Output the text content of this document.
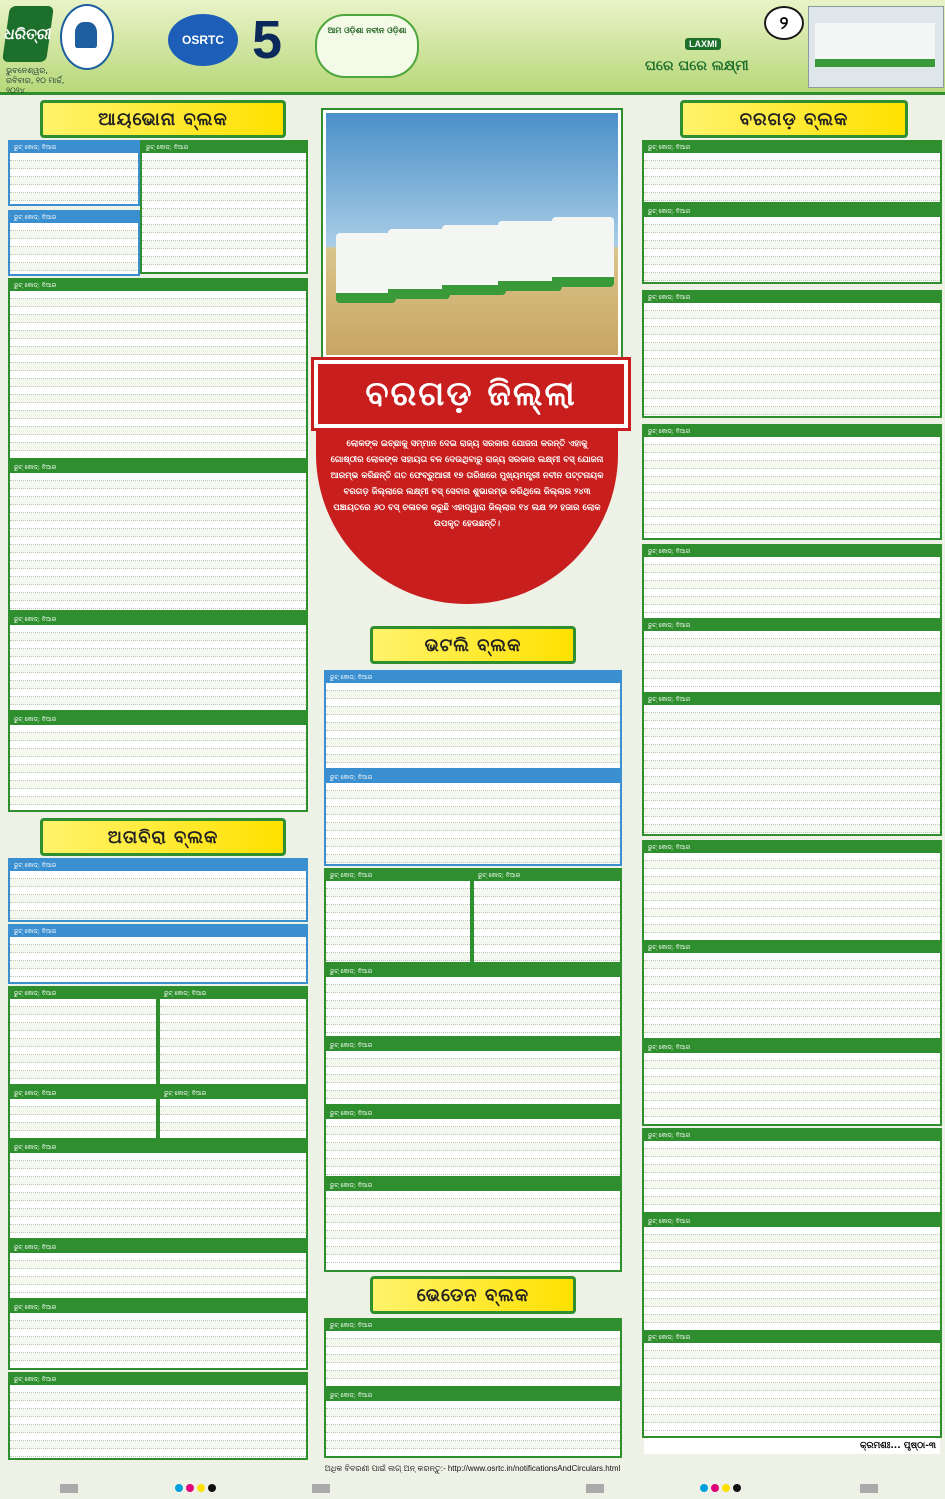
ଧରିତ୍ରୀ
ଭୁବନେଶ୍ୱର, ରବିବାର, ୧୦ ମାର୍ଚ୍ଚ, ୨୦୨୪
OSRTC 5	ଆମ ଓଡ଼ିଶା ନବୀନ ଓଡ଼ିଶା
LAXMI
ଘରେ ଘରେ ଲକ୍ଷ୍ମୀ
୨
ଆୟଭୋନା ବ୍ଲକ
ରୁଟ୍ କୋଡ୍: ବିଆର	ରୁଟ୍ କୋଡ୍: ବିଆର
ରୁଟ୍ କୋଡ୍: ବିଆର
ରୁଟ୍ କୋଡ୍: ବିଆର
ରୁଟ୍ କୋଡ୍: ବିଆର
ରୁଟ୍ କୋଡ୍: ବିଆର
ରୁଟ୍ କୋଡ୍: ବିଆର
ଅତାବିରା ବ୍ଲକ
ରୁଟ୍ କୋଡ୍: ବିଆର
ରୁଟ୍ କୋଡ୍: ବିଆର
ରୁଟ୍ କୋଡ୍: ବିଆର	ରୁଟ୍ କୋଡ୍: ବିଆର
ରୁଟ୍ କୋଡ୍: ବିଆର	ରୁଟ୍ କୋଡ୍: ବିଆର
ରୁଟ୍ କୋଡ୍: ବିଆର
ରୁଟ୍ କୋଡ୍: ବିଆର
ରୁଟ୍ କୋଡ୍: ବିଆର
ରୁଟ୍ କୋଡ୍: ବିଆର
ବରଗଡ଼ ଜିଲ୍ଲା
ଲୋକଙ୍କ ଇଚ୍ଛାକୁ ସମ୍ମାନ ଦେଇ ରାଜ୍ୟ ସରକାର ଯୋଜନା କରନ୍ତି ଏହାକୁ ଗୋଷ୍ଠୀର ଲୋକଙ୍କ ସହାୟତା ବଳ ଦେଉଥିବାରୁ ରାଜ୍ୟ ସରକାର ଲକ୍ଷ୍ମୀ ବସ୍ ଯୋଜନା ଆରମ୍ଭ କରିଛନ୍ତି ଗତ ଫେବ୍ରୁଆରୀ ୧୭ ତାରିଖରେ ମୁଖ୍ୟମନ୍ତ୍ରୀ ନବୀନ ପଟ୍ଟନାୟକ ବରଗଡ଼ ଜିଲ୍ଲାରେ ଲକ୍ଷ୍ମୀ ବସ୍ ସେବାର ଶୁଭାରମ୍ଭ କରିଥିଲେ ଜିଲ୍ଲାର ୨୪୩ ପଞ୍ଚାୟତରେ ୬୦ ବସ୍ ଚଳାଚଳ କରୁଛି ଏହାଦ୍ୱାରା ଜିଲ୍ଲାର ୧୪ ଲକ୍ଷ ୨୨ ହଜାର ଲୋକ ଉପକୃତ ହେଉଛନ୍ତି।
ଭଟଲି ବ୍ଲକ
ରୁଟ୍ କୋଡ୍: ବିଆର
ରୁଟ୍ କୋଡ୍: ବିଆର
ରୁଟ୍ କୋଡ୍: ବିଆର	ରୁଟ୍ କୋଡ୍: ବିଆର
ରୁଟ୍ କୋଡ୍: ବିଆର
ରୁଟ୍ କୋଡ୍: ବିଆର
ରୁଟ୍ କୋଡ୍: ବିଆର
ରୁଟ୍ କୋଡ୍: ବିଆର
ଭେଡେନ ବ୍ଲକ
ରୁଟ୍ କୋଡ୍: ବିଆର
ରୁଟ୍ କୋଡ୍: ବିଆର
ବରଗଡ଼ ବ୍ଲକ
ରୁଟ୍ କୋଡ୍: ବିଆର
ରୁଟ୍ କୋଡ୍: ବିଆର
ରୁଟ୍ କୋଡ୍: ବିଆର
ରୁଟ୍ କୋଡ୍: ବିଆର
ରୁଟ୍ କୋଡ୍: ବିଆର
ରୁଟ୍ କୋଡ୍: ବିଆର
ରୁଟ୍ କୋଡ୍: ବିଆର
ରୁଟ୍ କୋଡ୍: ବିଆର
ରୁଟ୍ କୋଡ୍: ବିଆର
ରୁଟ୍ କୋଡ୍: ବିଆର
ରୁଟ୍ କୋଡ୍: ବିଆର
ରୁଟ୍ କୋଡ୍: ବିଆର
ରୁଟ୍ କୋଡ୍: ବିଆର
କ୍ରମଶଃ... ପୃଷ୍ଠା-୩
ଅଧିକ ବିବରଣୀ ପାଇଁ ଲଗ୍ ଅନ୍ କରନ୍ତୁ:- http://www.osrtc.in/notificationsAndCirculars.html
